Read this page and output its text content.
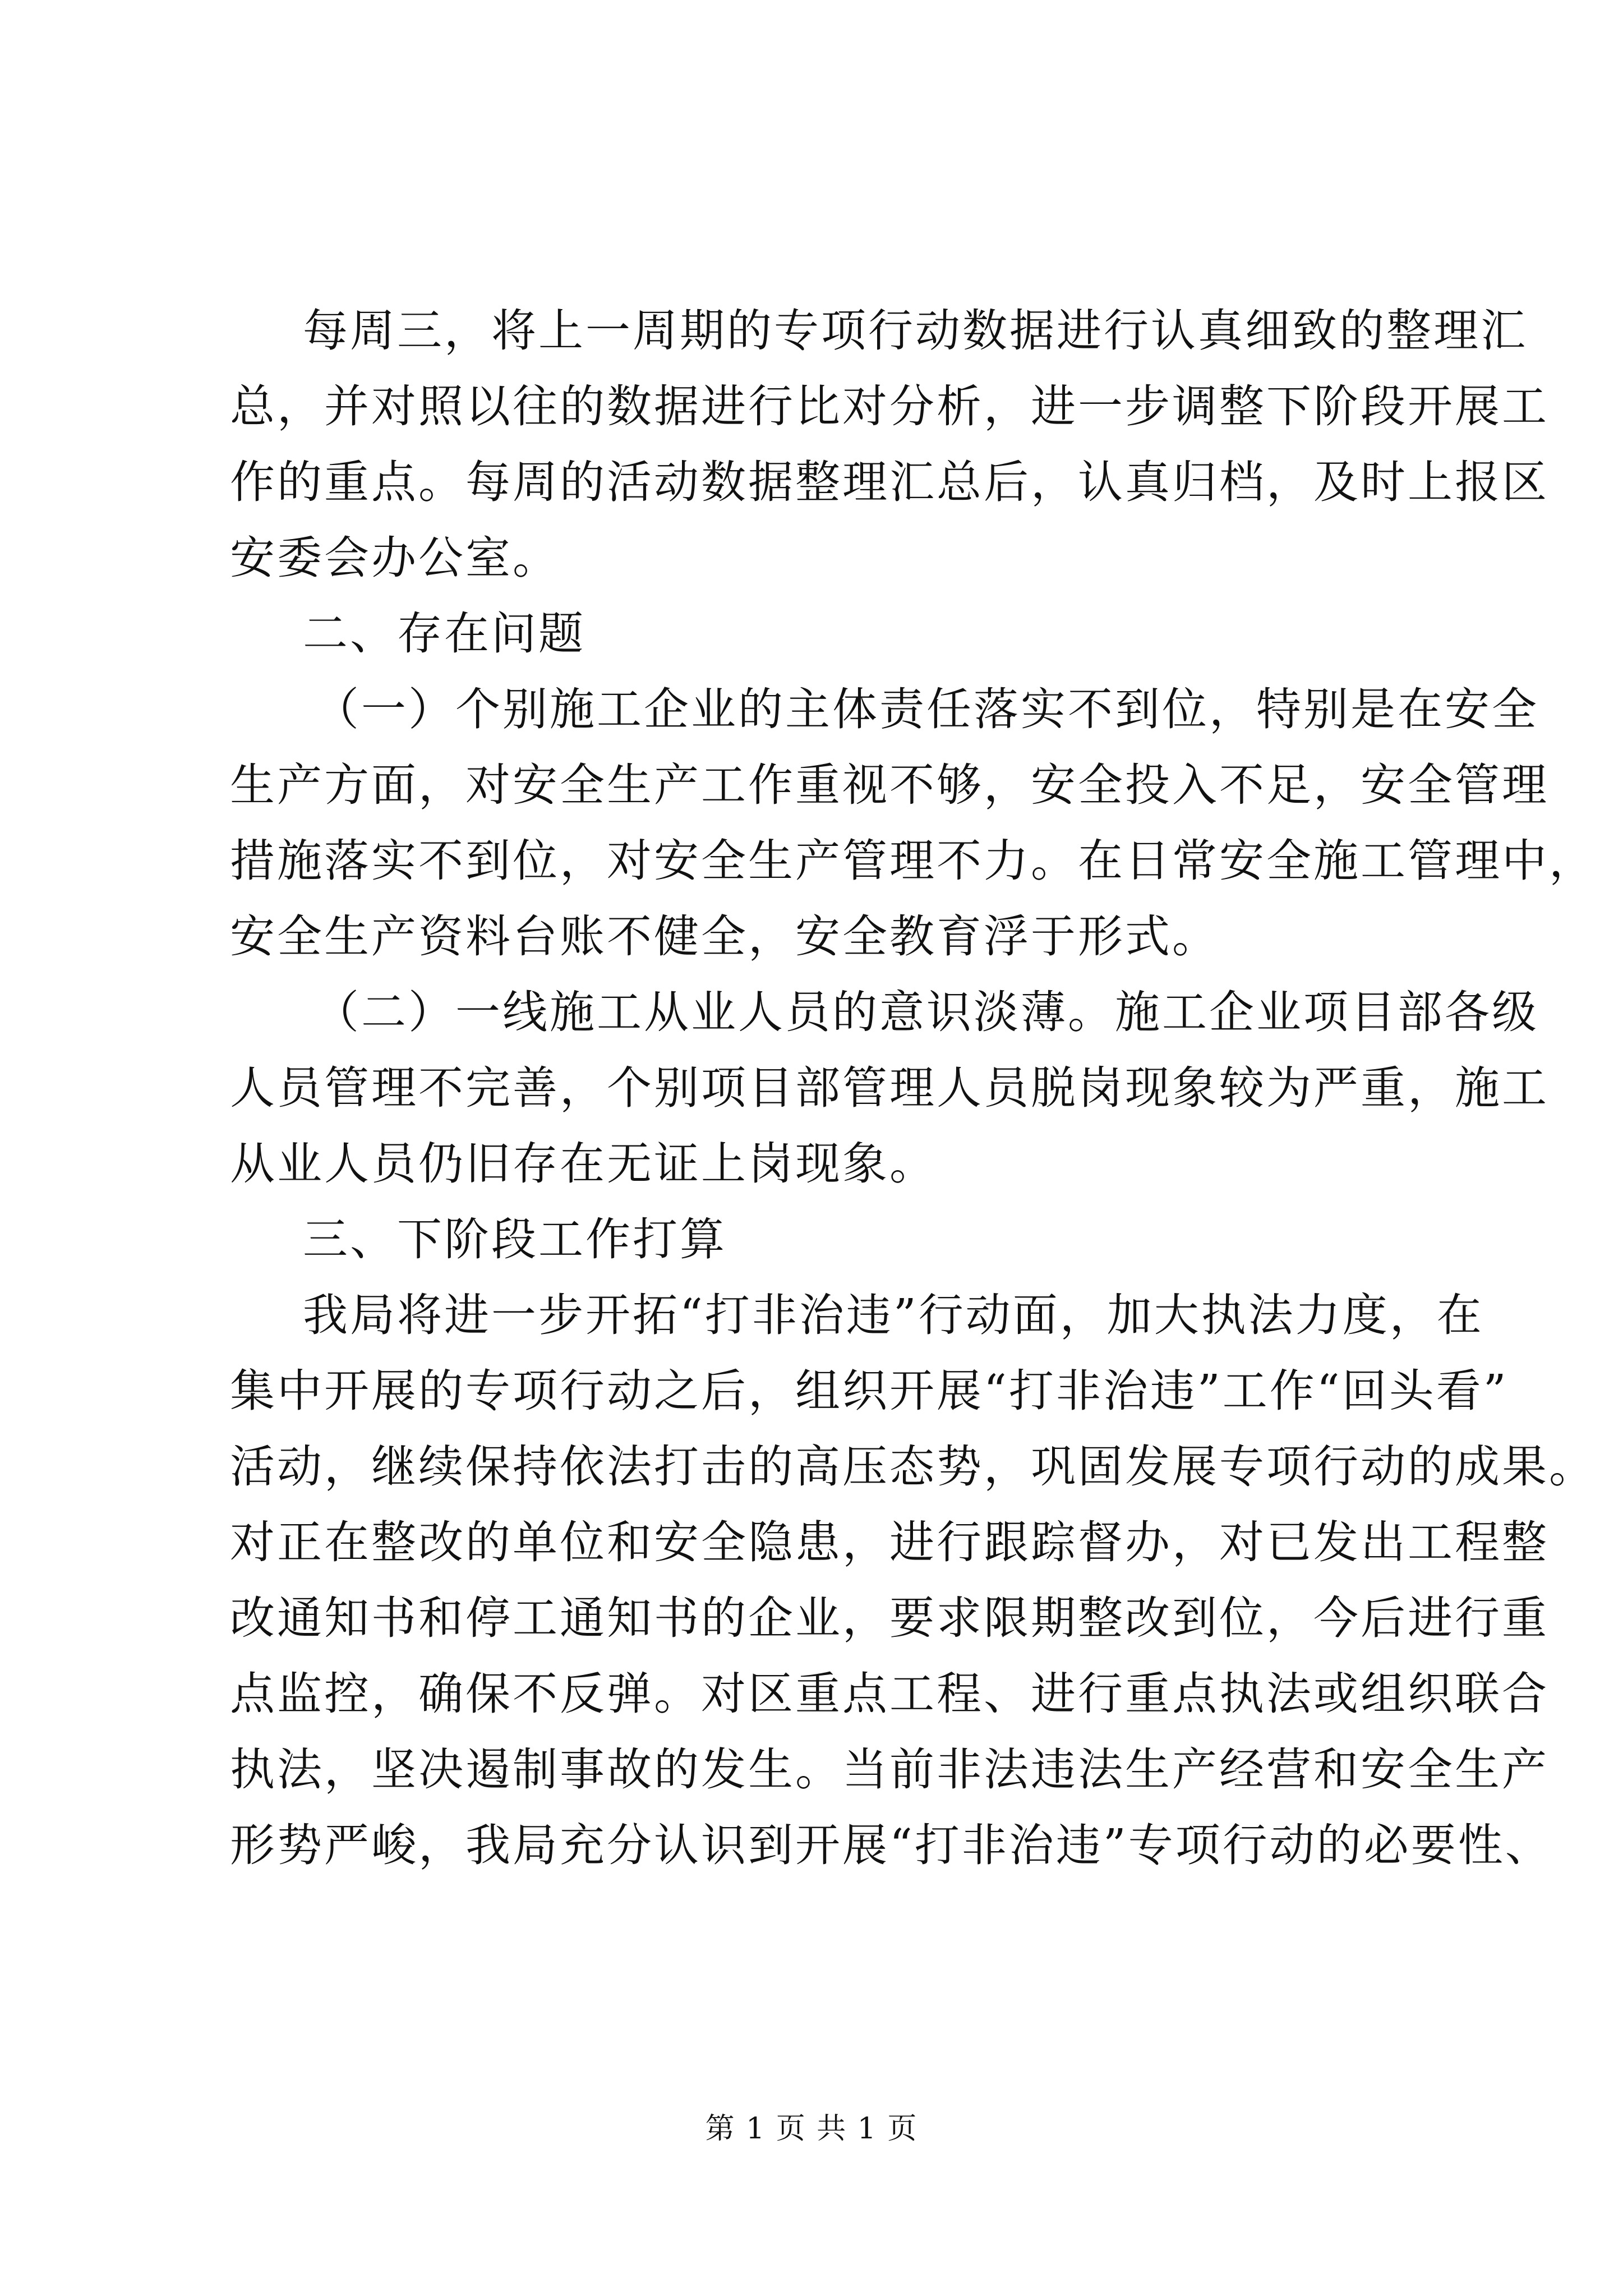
每周三，将上一周期的专项行动数据进行认真细致的整理汇
总，并对照以往的数据进行比对分析，进一步调整下阶段开展工
作的重点。每周的活动数据整理汇总后，认真归档，及时上报区
安委会办公室。
二、存在问题
（一）个别施工企业的主体责任落实不到位，特别是在安全
生产方面，对安全生产工作重视不够，安全投入不足，安全管理
措施落实不到位，对安全生产管理不力。在日常安全施工管理中，
安全生产资料台账不健全，安全教育浮于形式。
（二）一线施工从业人员的意识淡薄。施工企业项目部各级
人员管理不完善，个别项目部管理人员脱岗现象较为严重，施工
从业人员仍旧存在无证上岗现象。
三、下阶段工作打算
我局将进一步开拓“打非治违”行动面，加大执法力度，在
集中开展的专项行动之后，组织开展“打非治违”工作“回头看”
活动，继续保持依法打击的高压态势，巩固发展专项行动的成果。
对正在整改的单位和安全隐患，进行跟踪督办，对已发出工程整
改通知书和停工通知书的企业，要求限期整改到位，今后进行重
点监控，确保不反弹。对区重点工程、进行重点执法或组织联合
执法，坚决遏制事故的发生。当前非法违法生产经营和安全生产
形势严峻，我局充分认识到开展“打非治违”专项行动的必要性、
第 1 页 共 1 页
